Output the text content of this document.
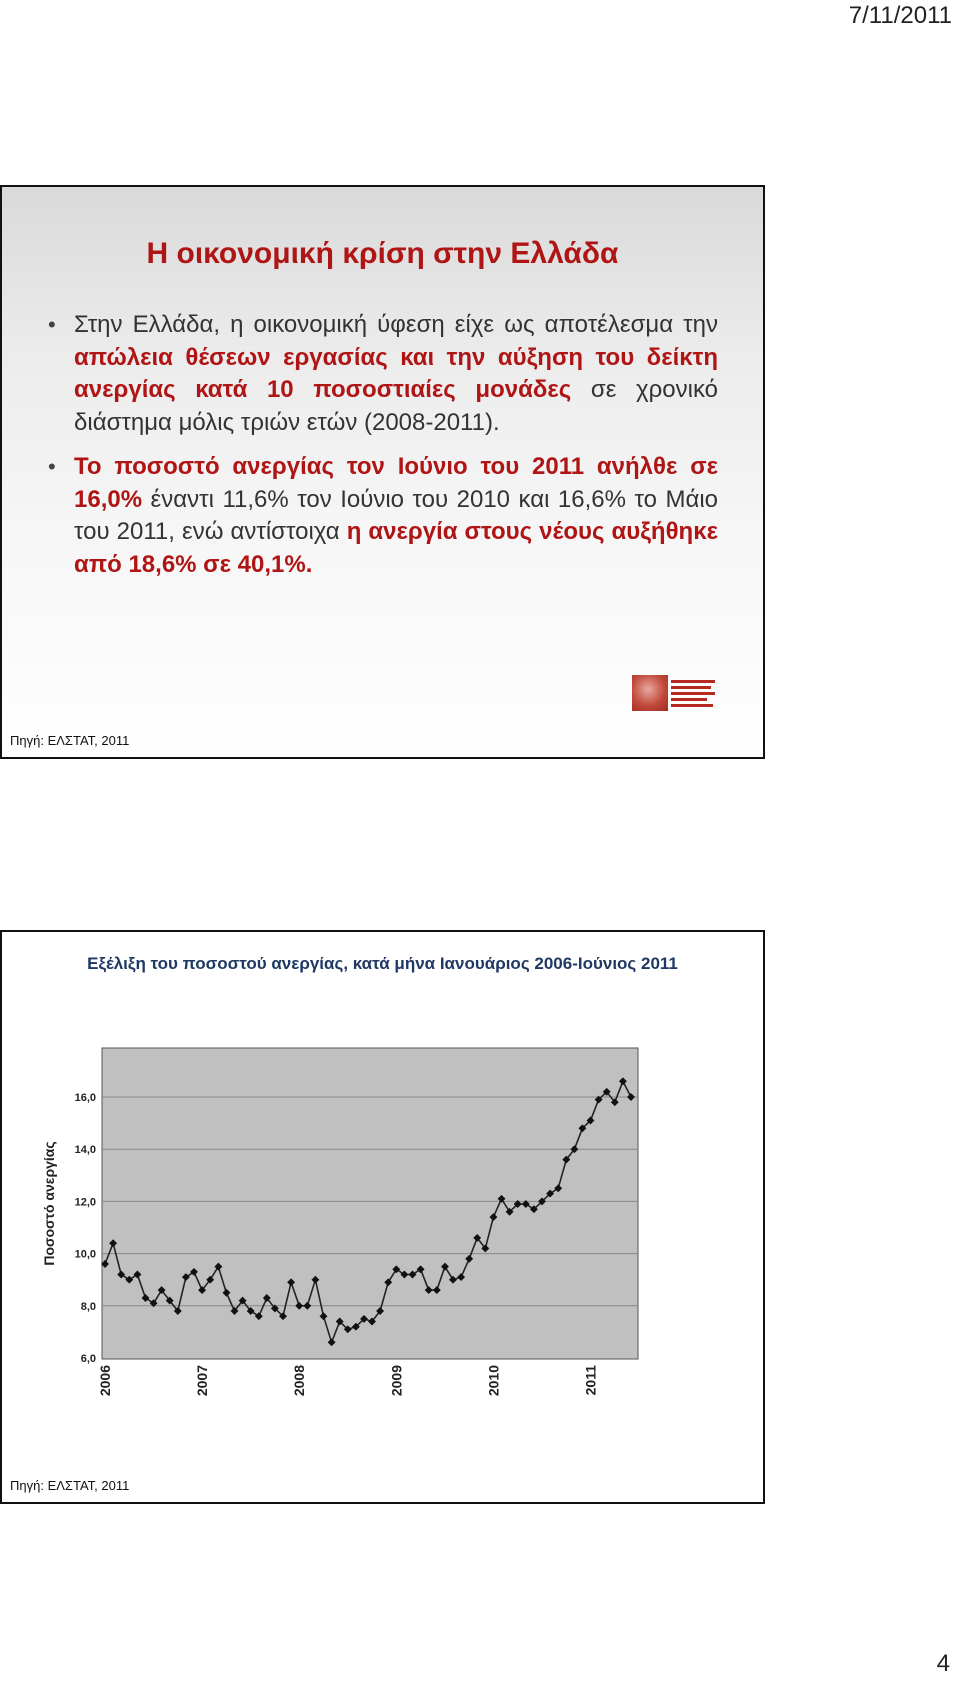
7/11/2011
Η οικονομική κρίση στην Ελλάδα
• Στην Ελλάδα, η οικονομική ύφεση είχε ως αποτέλεσμα την απώλεια θέσεων εργασίας και την αύξηση του δείκτη ανεργίας κατά 10 ποσοστιαίες μονάδες σε χρονικό διάστημα μόλις τριών ετών (2008-2011).
• Το ποσοστό ανεργίας τον Ιούνιο του 2011 ανήλθε σε 16,0% έναντι 11,6% τον Ιούνιο του 2010 και 16,6% το Μάιο του 2011, ενώ αντίστοιχα η ανεργία στους νέους αυξήθηκε από 18,6% σε 40,1%.
Πηγή: ΕΛΣΤΑΤ, 2011
Εξέλιξη του ποσοστού ανεργίας, κατά μήνα Ιανουάριος 2006-Ιούνιος 2011
6,0
8,0
10,0
12,0
14,0
16,0
Ποσοστό ανεργίας
2006	2007	2008	2009	2010	2011
Πηγή: ΕΛΣΤΑΤ, 2011
4
